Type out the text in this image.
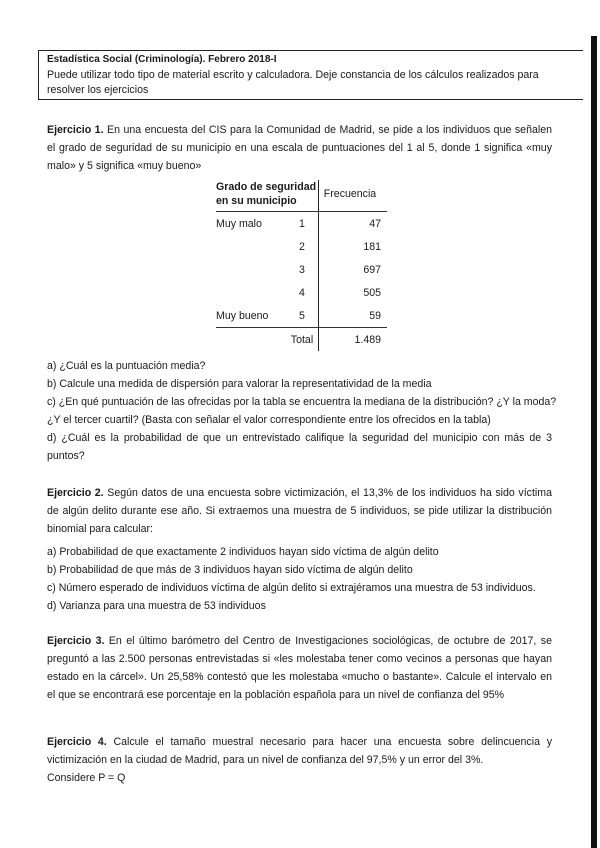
Estadística Social (Criminología). Febrero 2018-I
Puede utilizar todo tipo de material escrito y calculadora. Deje constancia de los cálculos realizados para resolver los ejercicios
Ejercicio 1. En una encuesta del CIS para la Comunidad de Madrid, se pide a los individuos que señalen el grado de seguridad de su municipio en una escala de puntuaciones del 1 al 5, donde 1 significa «muy malo» y 5 significa «muy bueno»
Grado de seguridad en su municipio		Frecuencia
Muy malo	1	47
	2	181
	3	697
	4	505
Muy bueno	5	59
	Total	1.489
a) ¿Cuál es la puntuación media?
b) Calcule una medida de dispersión para valorar la representatividad de la media
c) ¿En qué puntuación de las ofrecidas por la tabla se encuentra la mediana de la distribución? ¿Y la moda?
¿Y el tercer cuartil? (Basta con señalar el valor correspondiente entre los ofrecidos en la tabla)
d) ¿Cuál es la probabilidad de que un entrevistado califique la seguridad del municipio con más de 3 puntos?
Ejercicio 2. Según datos de una encuesta sobre victimización, el 13,3% de los individuos ha sido víctima de algún delito durante ese año. Si extraemos una muestra de 5 individuos, se pide utilizar la distribución binomial para calcular:
a) Probabilidad de que exactamente 2 individuos hayan sido víctima de algún delito
b) Probabilidad de que más de 3 individuos hayan sido víctima de algún delito
c) Número esperado de individuos víctima de algún delito si extrajéramos una muestra de 53 individuos.
d) Varianza para una muestra de 53 individuos
Ejercicio 3. En el último barómetro del Centro de Investigaciones sociológicas, de octubre de 2017, se preguntó a las 2.500 personas entrevistadas si «les molestaba tener como vecinos a personas que hayan estado en la cárcel». Un 25,58% contestó que les molestaba «mucho o bastante». Calcule el intervalo en el que se encontrará ese porcentaje en la población española para un nivel de confianza del 95%
Ejercicio 4. Calcule el tamaño muestral necesario para hacer una encuesta sobre delincuencia y victimización en la ciudad de Madrid, para un nivel de confianza del 97,5% y un error del 3%.
Considere P = Q
